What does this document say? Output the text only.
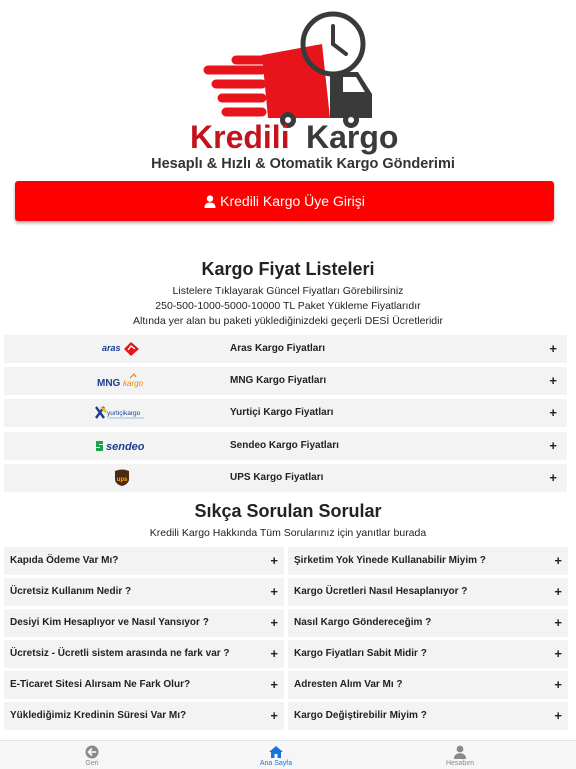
Kredili Kargo
Hesaplı & Hızlı & Otomatik Kargo Gönderimi
Kredili Kargo Üye Girişi
Kargo Fiyat Listeleri
Listelere Tıklayarak Güncel Fiyatları Görebilirsiniz
250-500-1000-5000-10000 TL Paket Yükleme Fiyatlarıdır
Altında yer alan bu paketi yüklediğinizdeki geçerli DESİ Ücretleridir
aras	Aras Kargo Fiyatları	+
MNG kargo	MNG Kargo Fiyatları	+
yurtiçikargo	Yurtiçi Kargo Fiyatları	+
sendeo	Sendeo Kargo Fiyatları	+
ups	UPS Kargo Fiyatları	+
Sıkça Sorulan Sorular
Kredili Kargo Hakkında Tüm Sorularınız için yanıtlar burada
Kapıda Ödeme Var Mı?	+
Ücretsiz Kullanım Nedir ?	+
Desiyi Kim Hesaplıyor ve Nasıl Yansıyor ?	+
Ücretsiz - Ücretli sistem arasında ne fark var ?	+
E-Ticaret Sitesi Alırsam Ne Fark Olur?	+
Yüklediğimiz Kredinin Süresi Var Mı?	+
Şirketim Yok Yinede Kullanabilir Miyim ?	+
Kargo Ücretleri Nasıl Hesaplanıyor ?	+
Nasıl Kargo Göndereceğim ?	+
Kargo Fiyatları Sabit Midir ?	+
Adresten Alım Var Mı ?	+
Kargo Değiştirebilir Miyim ?	+
Geri	Ana Sayfa	Hesabım
